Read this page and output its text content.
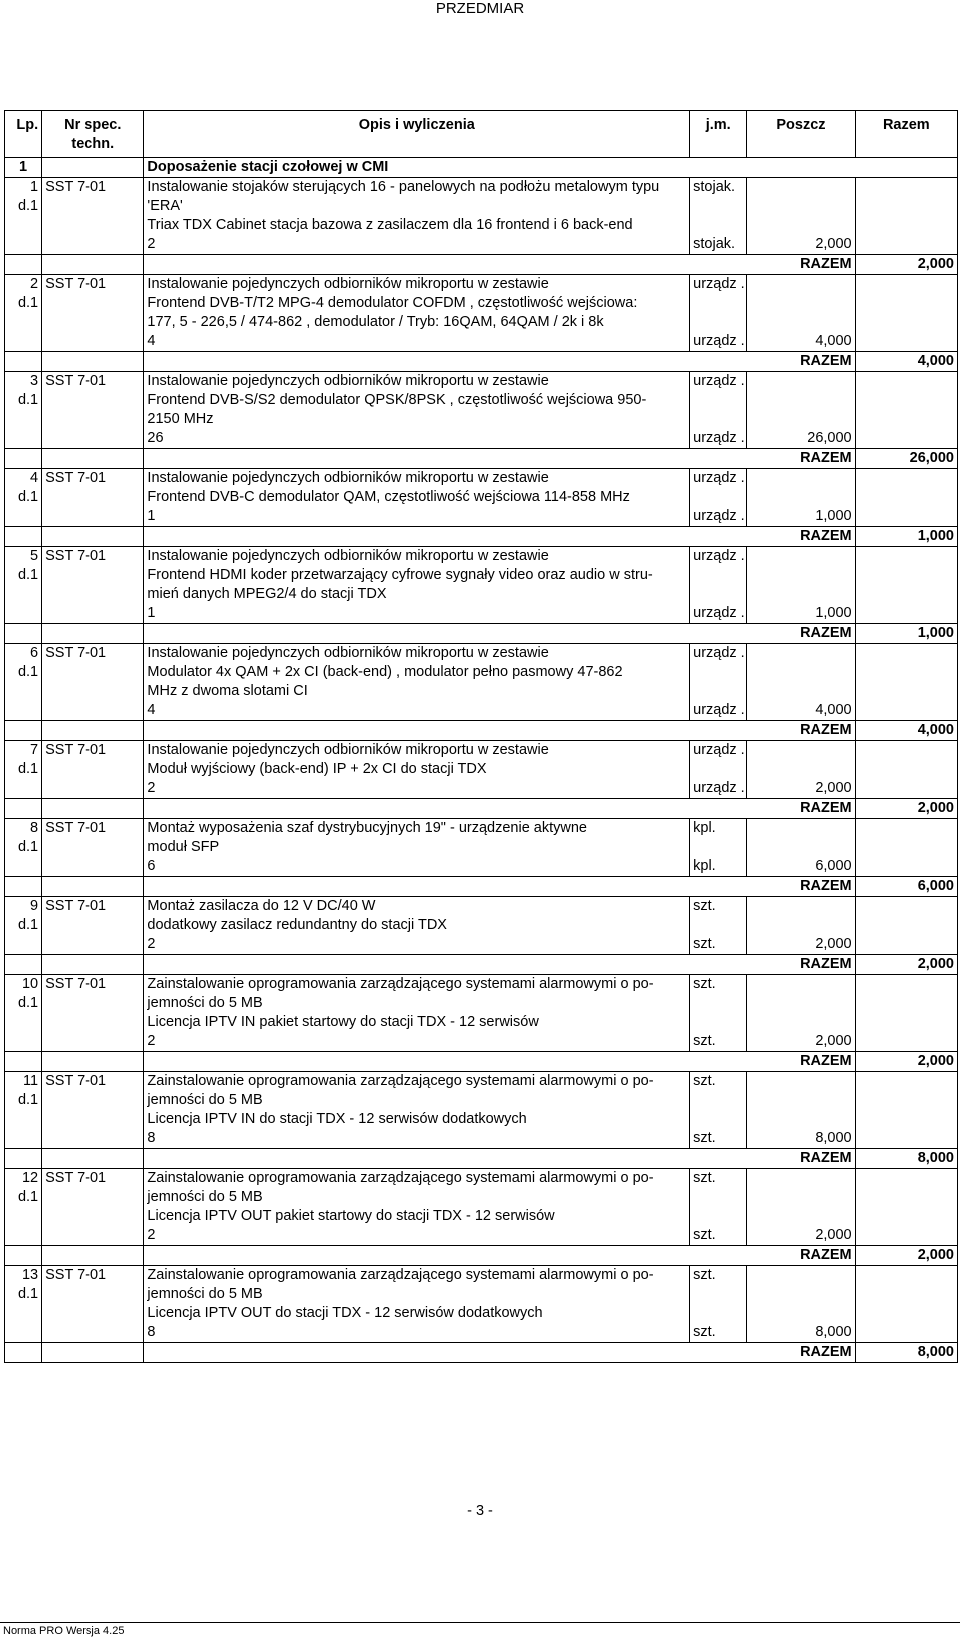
PRZEDMIAR
Lp.	Nr spec. techn.	Opis i wyliczenia	j.m.	Poszcz	Razem
1		Doposażenie stacji czołowej w CMI			
1	SST 7-01	Instalowanie stojaków sterujących 16 - panelowych na podłożu metalowym typu	stojak.		
d.1		'ERA'			
		Triax TDX Cabinet stacja bazowa z zasilaczem dla 16 frontend i 6 back-end			
		2	stojak.	2,000	
				RAZEM	2,000
2	SST 7-01	Instalowanie pojedynczych odbiorników mikroportu w zestawie	urządz .		
d.1		Frontend DVB-T/T2 MPG-4 demodulator COFDM , częstotliwość wejściowa:			
		177, 5 - 226,5 / 474-862 , demodulator / Tryb: 16QAM, 64QAM / 2k i 8k			
		4	urządz .	4,000	
				RAZEM	4,000
3	SST 7-01	Instalowanie pojedynczych odbiorników mikroportu w zestawie	urządz .		
d.1		Frontend DVB-S/S2 demodulator QPSK/8PSK , częstotliwość wejściowa 950-			
		2150 MHz			
		26	urządz .	26,000	
				RAZEM	26,000
4	SST 7-01	Instalowanie pojedynczych odbiorników mikroportu w zestawie	urządz .		
d.1		Frontend DVB-C demodulator QAM, częstotliwość wejściowa 114-858 MHz			
		1	urządz .	1,000	
				RAZEM	1,000
5	SST 7-01	Instalowanie pojedynczych odbiorników mikroportu w zestawie	urządz .		
d.1		Frontend HDMI koder przetwarzający cyfrowe sygnały video oraz audio w stru-			
		mień danych MPEG2/4 do stacji TDX			
		1	urządz .	1,000	
				RAZEM	1,000
6	SST 7-01	Instalowanie pojedynczych odbiorników mikroportu w zestawie	urządz .		
d.1		Modulator 4x QAM + 2x CI (back-end) , modulator pełno pasmowy 47-862			
		MHz z dwoma slotami CI			
		4	urządz .	4,000	
				RAZEM	4,000
7	SST 7-01	Instalowanie pojedynczych odbiorników mikroportu w zestawie	urządz .		
d.1		Moduł wyjściowy (back-end) IP + 2x CI do stacji TDX			
		2	urządz .	2,000	
				RAZEM	2,000
8	SST 7-01	Montaż wyposażenia szaf dystrybucyjnych 19" - urządzenie aktywne	kpl.		
d.1		moduł SFP			
		6	kpl.	6,000	
				RAZEM	6,000
9	SST 7-01	Montaż zasilacza do 12 V DC/40 W	szt.		
d.1		dodatkowy zasilacz redundantny do stacji TDX			
		2	szt.	2,000	
				RAZEM	2,000
10	SST 7-01	Zainstalowanie oprogramowania zarządzającego systemami alarmowymi o po-	szt.		
d.1		jemności do 5 MB			
		Licencja IPTV IN pakiet startowy do stacji TDX - 12 serwisów			
		2	szt.	2,000	
				RAZEM	2,000
11	SST 7-01	Zainstalowanie oprogramowania zarządzającego systemami alarmowymi o po-	szt.		
d.1		jemności do 5 MB			
		Licencja IPTV IN do stacji TDX - 12 serwisów dodatkowych			
		8	szt.	8,000	
				RAZEM	8,000
12	SST 7-01	Zainstalowanie oprogramowania zarządzającego systemami alarmowymi o po-	szt.		
d.1		jemności do 5 MB			
		Licencja IPTV OUT pakiet startowy do stacji TDX - 12 serwisów			
		2	szt.	2,000	
				RAZEM	2,000
13	SST 7-01	Zainstalowanie oprogramowania zarządzającego systemami alarmowymi o po-	szt.		
d.1		jemności do 5 MB			
		Licencja IPTV OUT do stacji TDX - 12 serwisów dodatkowych			
		8	szt.	8,000	
				RAZEM	8,000
- 3 -
Norma PRO Wersja 4.25
